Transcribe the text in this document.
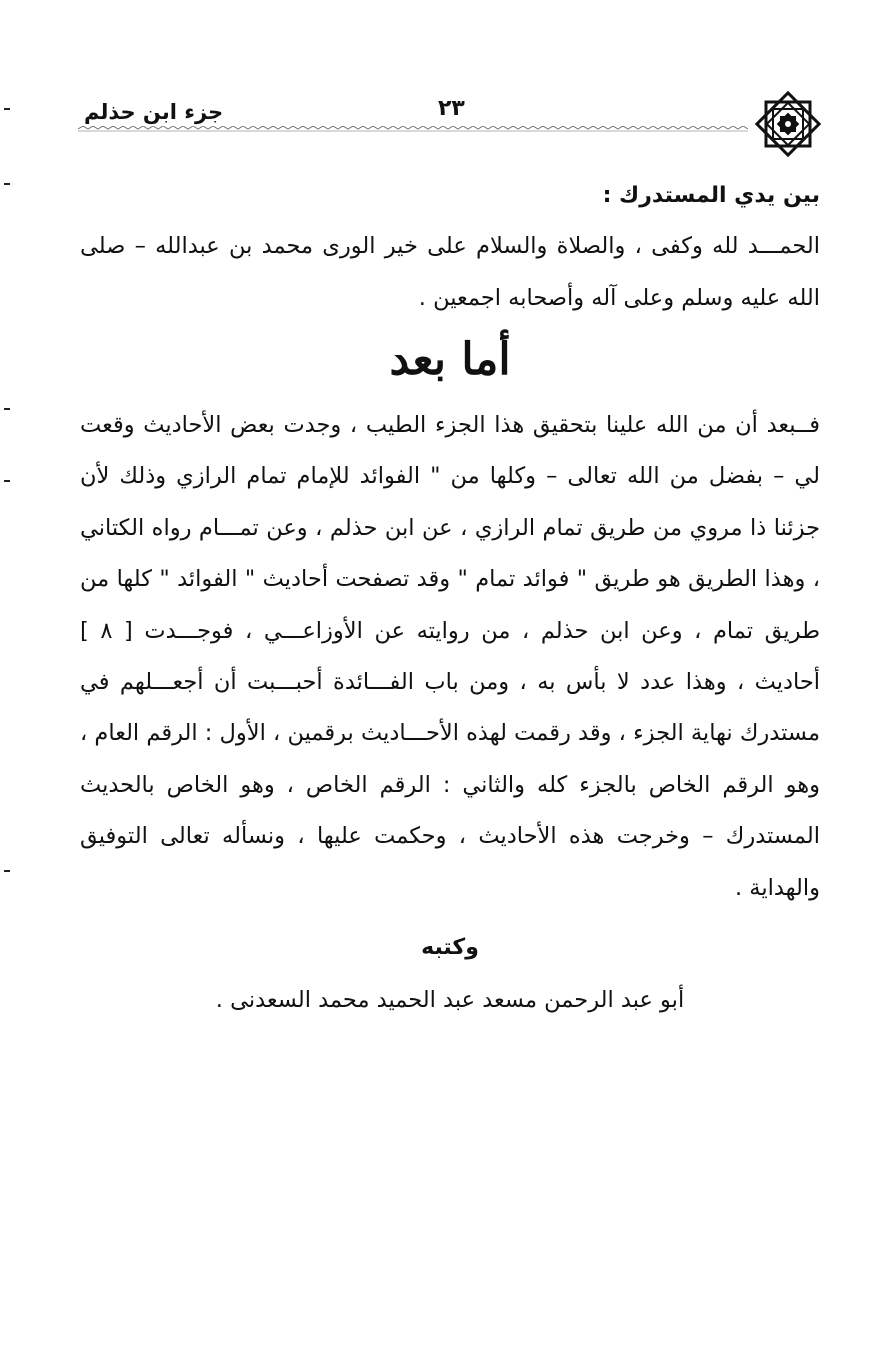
جزء ابن حذلم	٢٣
بين يدي المستدرك :

الحمـــد لله وكفى ، والصلاة والسلام على خير الورى محمد بن عبدالله – صلى الله عليه وسلم وعلى آله وأصحابه اجمعين .

أما بعد

فــبعد أن من الله علينا بتحقيق هذا الجزء الطيب ، وجدت بعض الأحاديث وقعت لي – بفضل من الله تعالى – وكلها من " الفوائد للإمام تمام الرازي وذلك لأن جزئنا ذا مروي من طريق تمام الرازي ، عن ابن حذلم ، وعن تمـــام رواه الكتاني ، وهذا الطريق هو طريق " فوائد تمام " وقد تصفحت أحاديث " الفوائد " كلها من طريق تمام ، وعن ابن حذلم ، من روايته عن الأوزاعـــي ، فوجـــدت [ ٨ ] أحاديث ، وهذا عدد لا بأس به ، ومن باب الفـــائدة أحبـــبت أن أجعـــلهم في مستدرك نهاية الجزء ، وقد رقمت لهذه الأحـــاديث برقمين ، الأول : الرقم العام ، وهو الرقم الخاص بالجزء كله والثاني : الرقم الخاص ، وهو الخاص بالحديث المستدرك – وخرجت هذه الأحاديث ، وحكمت عليها ، ونسأله تعالى التوفيق والهداية .

وكتبه
أبو عبد الرحمن مسعد عبد الحميد محمد السعدنى .
